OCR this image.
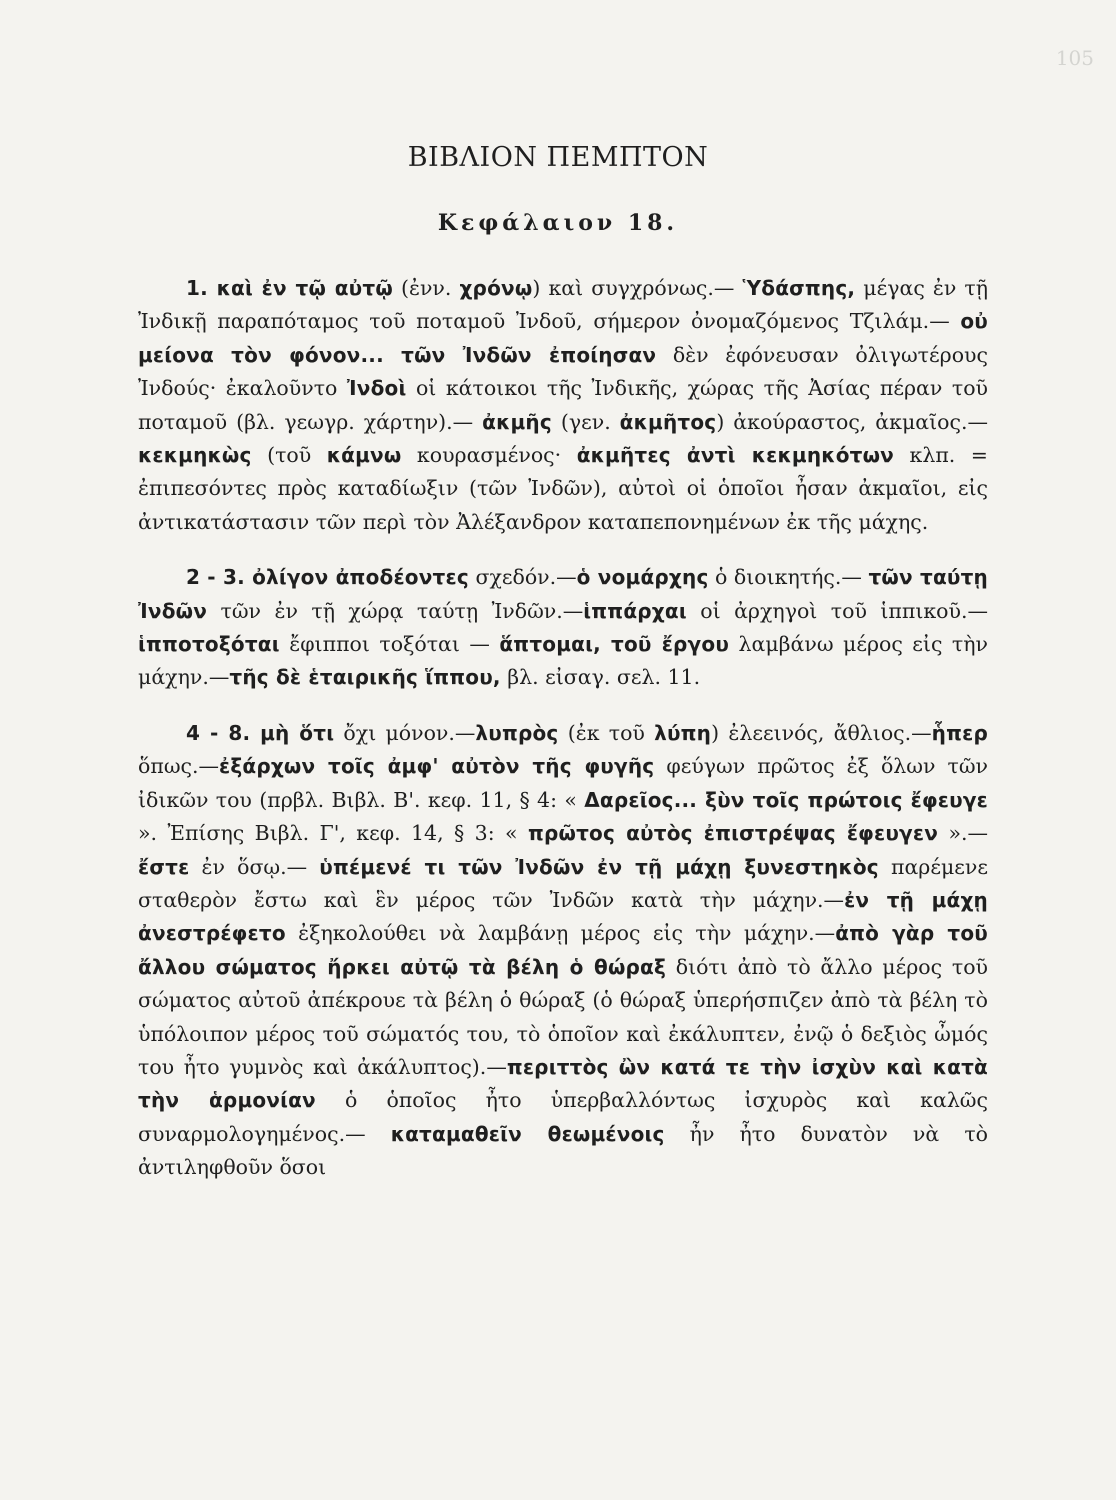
105
ΒΙΒΛΙΟΝ ΠΕΜΠΤΟΝ
Κεφάλαιον 18.

1. καὶ ἐν τῷ αὐτῷ (ἐνν. χρόνῳ) καὶ συγχρόνως.— Ὑδάσπης, μέγας ἐν τῇ Ἰνδικῇ παραπόταμος τοῦ ποταμοῦ Ἰνδοῦ, σήμερον ὀνομαζόμενος Τζιλάμ.— οὐ μείονα τὸν φόνον... τῶν Ἰνδῶν ἐποίησαν δὲν ἐφόνευσαν ὀλιγωτέρους Ἰνδούς· ἐκαλοῦντο Ἰνδοὶ οἱ κάτοικοι τῆς Ἰνδικῆς, χώρας τῆς Ἀσίας πέραν τοῦ ποταμοῦ (βλ. γεωγρ. χάρτην).— ἀκμῆς (γεν. ἀκμῆτος) ἀκούραστος, ἀκμαῖος.—κεκμηκὼς (τοῦ κάμνω κουρασμένος· ἀκμῆτες ἀντὶ κεκμηκότων κλπ. = ἐπιπεσόντες πρὸς καταδίωξιν (τῶν Ἰνδῶν), αὐτοὶ οἱ ὁποῖοι ἦσαν ἀκμαῖοι, εἰς ἀντικατάστασιν τῶν περὶ τὸν Ἀλέξανδρον καταπεπονημένων ἐκ τῆς μάχης.

2 - 3. ὀλίγον ἀποδέοντες σχεδόν.—ὁ νομάρχης ὁ διοικητής.— τῶν ταύτῃ Ἰνδῶν τῶν ἐν τῇ χώρᾳ ταύτῃ Ἰνδῶν.—ἱππάρχαι οἱ ἀρχηγοὶ τοῦ ἱππικοῦ.—ἱπποτοξόται ἔφιπποι τοξόται — ἅπτομαι, τοῦ ἔργου λαμβάνω μέρος εἰς τὴν μάχην.—τῆς δὲ ἑταιρικῆς ἵππου, βλ. εἰσαγ. σελ. 11.

4 - 8. μὴ ὅτι ὄχι μόνον.—λυπρὸς (ἐκ τοῦ λύπη) ἐλεεινός, ἄθλιος.—ἧπερ ὅπως.—ἐξάρχων τοῖς ἀμφ' αὐτὸν τῆς φυγῆς φεύγων πρῶτος ἐξ ὅλων τῶν ἰδικῶν του (πρβλ. Βιβλ. Β'. κεφ. 11, § 4: « Δαρεῖος... ξὺν τοῖς πρώτοις ἔφευγε ». Ἐπίσης Βιβλ. Γ', κεφ. 14, § 3: « πρῶτος αὐτὸς ἐπιστρέψας ἔφευγεν ».—ἔστε ἐν ὅσῳ.— ὑπέμενέ τι τῶν Ἰνδῶν ἐν τῇ μάχῃ ξυνεστηκὸς παρέμενε σταθερὸν ἔστω καὶ ἓν μέρος τῶν Ἰνδῶν κατὰ τὴν μάχην.—ἐν τῇ μάχῃ ἀνεστρέφετο ἐξηκολούθει νὰ λαμβάνῃ μέρος εἰς τὴν μάχην.—ἀπὸ γὰρ τοῦ ἄλλου σώματος ἤρκει αὐτῷ τὰ βέλη ὁ θώραξ διότι ἀπὸ τὸ ἄλλο μέρος τοῦ σώματος αὐτοῦ ἀπέκρουε τὰ βέλη ὁ θώραξ (ὁ θώραξ ὑπερήσπιζεν ἀπὸ τὰ βέλη τὸ ὑπόλοιπον μέρος τοῦ σώματός του, τὸ ὁποῖον καὶ ἐκάλυπτεν, ἐνῷ ὁ δεξιὸς ὦμός του ἦτο γυμνὸς καὶ ἀκάλυπτος).—περιττὸς ὢν κατά τε τὴν ἰσχὺν καὶ κατὰ τὴν ἁρμονίαν ὁ ὁποῖος ἦτο ὑπερβαλλόντως ἰσχυρὸς καὶ καλῶς συναρμολογημένος.— καταμαθεῖν θεωμένοις ἦν ἦτο δυνατὸν νὰ τὸ ἀντιληφθοῦν ὅσοι
